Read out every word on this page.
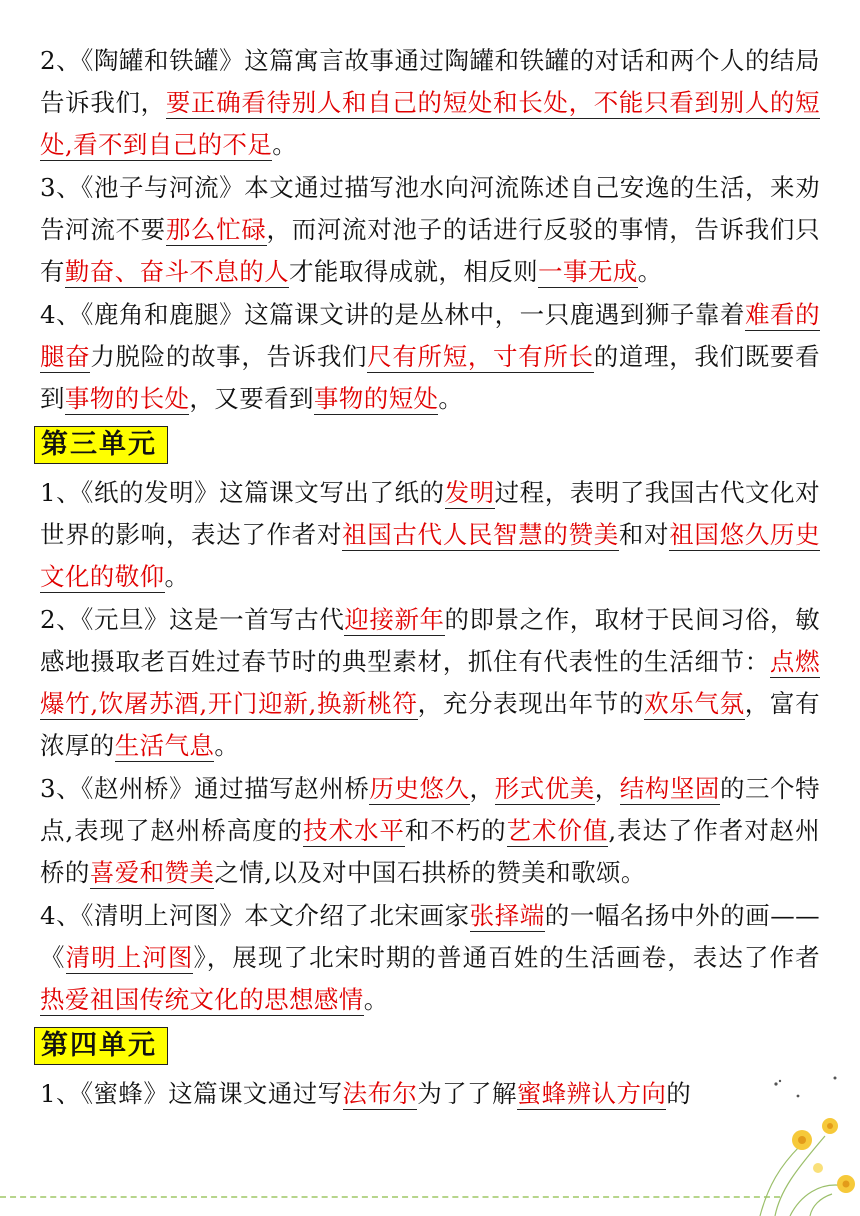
2、《陶罐和铁罐》这篇寓言故事通过陶罐和铁罐的对话和两个人的结局告诉我们，要正确看待别人和自己的短处和长处，不能只看到别人的短处,看不到自己的不足。

3、《池子与河流》本文通过描写池水向河流陈述自己安逸的生活，来劝告河流不要那么忙碌，而河流对池子的话进行反驳的事情，告诉我们只有勤奋、奋斗不息的人才能取得成就，相反则一事无成。

4、《鹿角和鹿腿》这篇课文讲的是丛林中，一只鹿遇到狮子靠着难看的腿奋力脱险的故事，告诉我们尺有所短，寸有所长的道理，我们既要看到事物的长处，又要看到事物的短处。

第三单元

1、《纸的发明》这篇课文写出了纸的发明过程，表明了我国古代文化对世界的影响，表达了作者对祖国古代人民智慧的赞美和对祖国悠久历史文化的敬仰。

2、《元旦》这是一首写古代迎接新年的即景之作，取材于民间习俗，敏感地摄取老百姓过春节时的典型素材，抓住有代表性的生活细节：点燃爆竹,饮屠苏酒,开门迎新,换新桃符，充分表现出年节的欢乐气氛，富有浓厚的生活气息。

3、《赵州桥》通过描写赵州桥历史悠久，形式优美，结构坚固的三个特点,表现了赵州桥高度的技术水平和不朽的艺术价值,表达了作者对赵州桥的喜爱和赞美之情,以及对中国石拱桥的赞美和歌颂。

4、《清明上河图》本文介绍了北宋画家张择端的一幅名扬中外的画——《清明上河图》，展现了北宋时期的普通百姓的生活画卷，表达了作者热爱祖国传统文化的思想感情。

第四单元

1、《蜜蜂》这篇课文通过写法布尔为了了解蜜蜂辨认方向的
